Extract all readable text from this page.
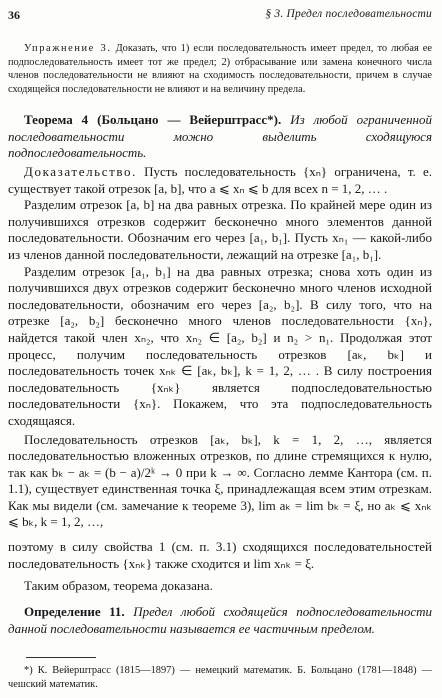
36	§ 3. Предел последовательности

Упражнение 3. Доказать, что 1) если последовательность имеет предел, то любая ее подпоследовательность имеет тот же предел; 2) отбрасывание или замена конечного числа членов последовательности не влияют на сходимость последовательности, причем в случае сходящейся последовательности не влияют и на величину предела.

Теорема 4 (Больцано — Вейерштрасс*). Из любой ограниченной последовательности можно выделить сходящуюся подпоследовательность.

Доказательство. Пусть последовательность {xₙ} ограничена, т. е. существует такой отрезок [a, b], что a ⩽ xₙ ⩽ b для всех n = 1, 2, … .

Разделим отрезок [a, b] на два равных отрезка. По крайней мере один из получившихся отрезков содержит бесконечно много элементов данной последовательности. Обозначим его через [a₁, b₁]. Пусть xₙ₁ — какой-либо из членов данной последовательности, лежащий на отрезке [a₁, b₁].

Разделим отрезок [a₁, b₁] на два равных отрезка; снова хоть один из получившихся двух отрезков содержит бесконечно много членов исходной последовательности, обозначим его через [a₂, b₂]. В силу того, что на отрезке [a₂, b₂] бесконечно много членов последовательности {xₙ}, найдется такой член xₙ₂, что xₙ₂ ∈ [a₂, b₂] и n₂ > n₁. Продолжая этот процесс, получим последовательность отрезков [aₖ, bₖ] и последовательность точек xₙₖ ∈ [aₖ, bₖ], k = 1, 2, … . В силу построения последовательность {xₙₖ} является подпоследовательностью последовательности {xₙ}. Покажем, что эта подпоследовательность сходящаяся.

Последовательность отрезков [aₖ, bₖ], k = 1, 2, …, является последовательностью вложенных отрезков, по длине стремящихся к нулю, так как bₖ − aₖ = (b − a)/2ᵏ → 0 при k → ∞. Согласно лемме Кантора (см. п. 1.1), существует единственная точка ξ, принадлежащая всем этим отрезкам. Как мы видели (см. замечание к теореме 3), lim aₖ = lim bₖ = ξ, но aₖ ⩽ xₙₖ ⩽ bₖ, k = 1, 2, …,

поэтому в силу свойства 1 (см. п. 3.1) сходящихся последовательностей последовательность {xₙₖ} также сходится и lim xₙₖ = ξ.

Таким образом, теорема доказана.

Определение 11. Предел любой сходящейся подпоследовательности данной последовательности называется ее частичным пределом.

*) К. Вейерштрасс (1815—1897) — немецкий математик. Б. Больцано (1781—1848) — чешский математик.
